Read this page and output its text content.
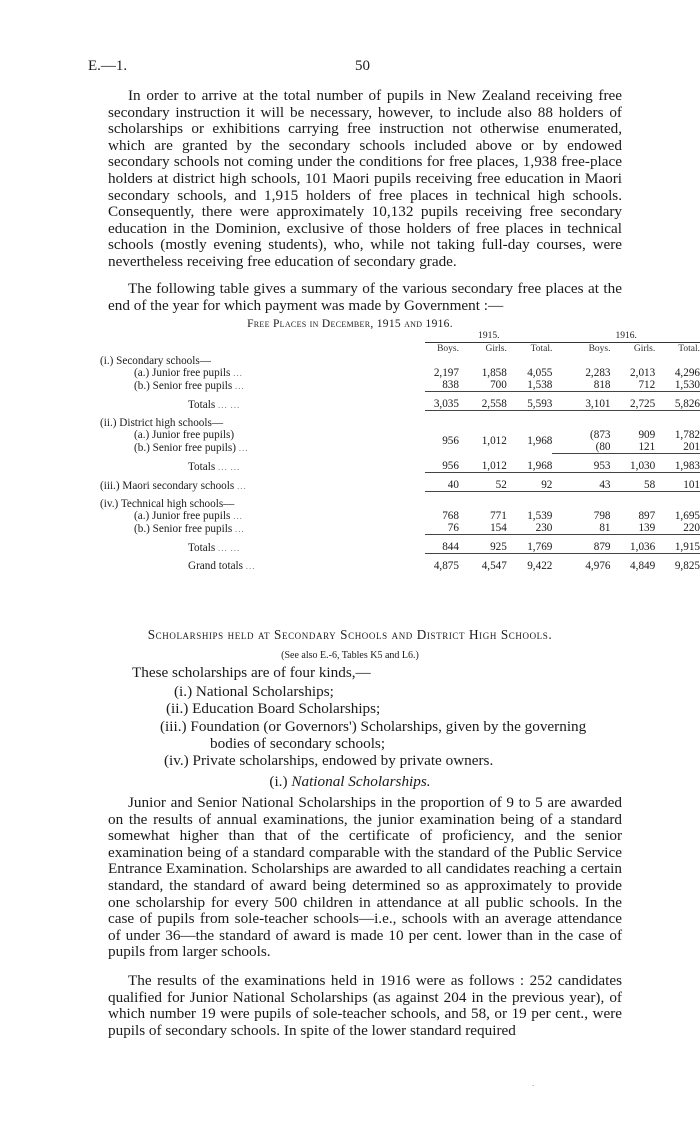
E.—1.	50

In order to arrive at the total number of pupils in New Zealand receiving free secondary instruction it will be necessary, however, to include also 88 holders of scholarships or exhibitions carrying free instruction not otherwise enumerated, which are granted by the secondary schools included above or by endowed secondary schools not coming under the conditions for free places, 1,938 free-place holders at district high schools, 101 Maori pupils receiving free education in Maori secondary schools, and 1,915 holders of free places in technical high schools. Consequently, there were approximately 10,132 pupils receiving free secondary education in the Dominion, exclusive of those holders of free places in technical schools (mostly evening students), who, while not taking full-day courses, were nevertheless receiving free education of secondary grade.

The following table gives a summary of the various secondary free places at the end of the year for which payment was made by Government :—

Free Places in December, 1915 and 1916.
	1915.			1916.		
	Boys.	Girls.	Total.	Boys.	Girls.	Total.
(i.) Secondary schools—						
(a.) Junior free pupils ...	2,197	1,858	4,055	2,283	2,013	4,296
(b.) Senior free pupils ...	838	700	1,538	818	712	1,530

Totals ... ...	3,035	2,558	5,593	3,101	2,725	5,826

(ii.) District high schools—						
(a.) Junior free pupils)	956	1,012	1,968	(873	909	1,782
(b.) Senior free pupils) ...				(80	121	201

Totals ... ...	956	1,012	1,968	953	1,030	1,983

(iii.) Maori secondary schools ...	40	52	92	43	58	101

(iv.) Technical high schools—						
(a.) Junior free pupils ...	768	771	1,539	798	897	1,695
(b.) Senior free pupils ...	76	154	230	81	139	220

Totals ... ...	844	925	1,769	879	1,036	1,915

Grand totals ...	4,875	4,547	9,422	4,976	4,849	9,825
Scholarships held at Secondary Schools and District High Schools.
(See also E.-6, Tables K5 and L6.)
These scholarships are of four kinds,—
(i.) National Scholarships;
(ii.) Education Board Scholarships;
(iii.) Foundation (or Governors') Scholarships, given by the governing
bodies of secondary schools;
(iv.) Private scholarships, endowed by private owners.
(i.) National Scholarships.

Junior and Senior National Scholarships in the proportion of 9 to 5 are awarded on the results of annual examinations, the junior examination being of a standard somewhat higher than that of the certificate of proficiency, and the senior examination being of a standard comparable with the standard of the Public Service Entrance Examination. Scholarships are awarded to all candidates reaching a certain standard, the standard of award being determined so as approximately to provide one scholarship for every 500 children in attendance at all public schools. In the case of pupils from sole-teacher schools—i.e., schools with an average attendance of under 36—the standard of award is made 10 per cent. lower than in the case of pupils from larger schools.

The results of the examinations held in 1916 were as follows : 252 candidates qualified for Junior National Scholarships (as against 204 in the previous year), of which number 19 were pupils of sole-teacher schools, and 58, or 19 per cent., were pupils of secondary schools. In spite of the lower standard required

.
